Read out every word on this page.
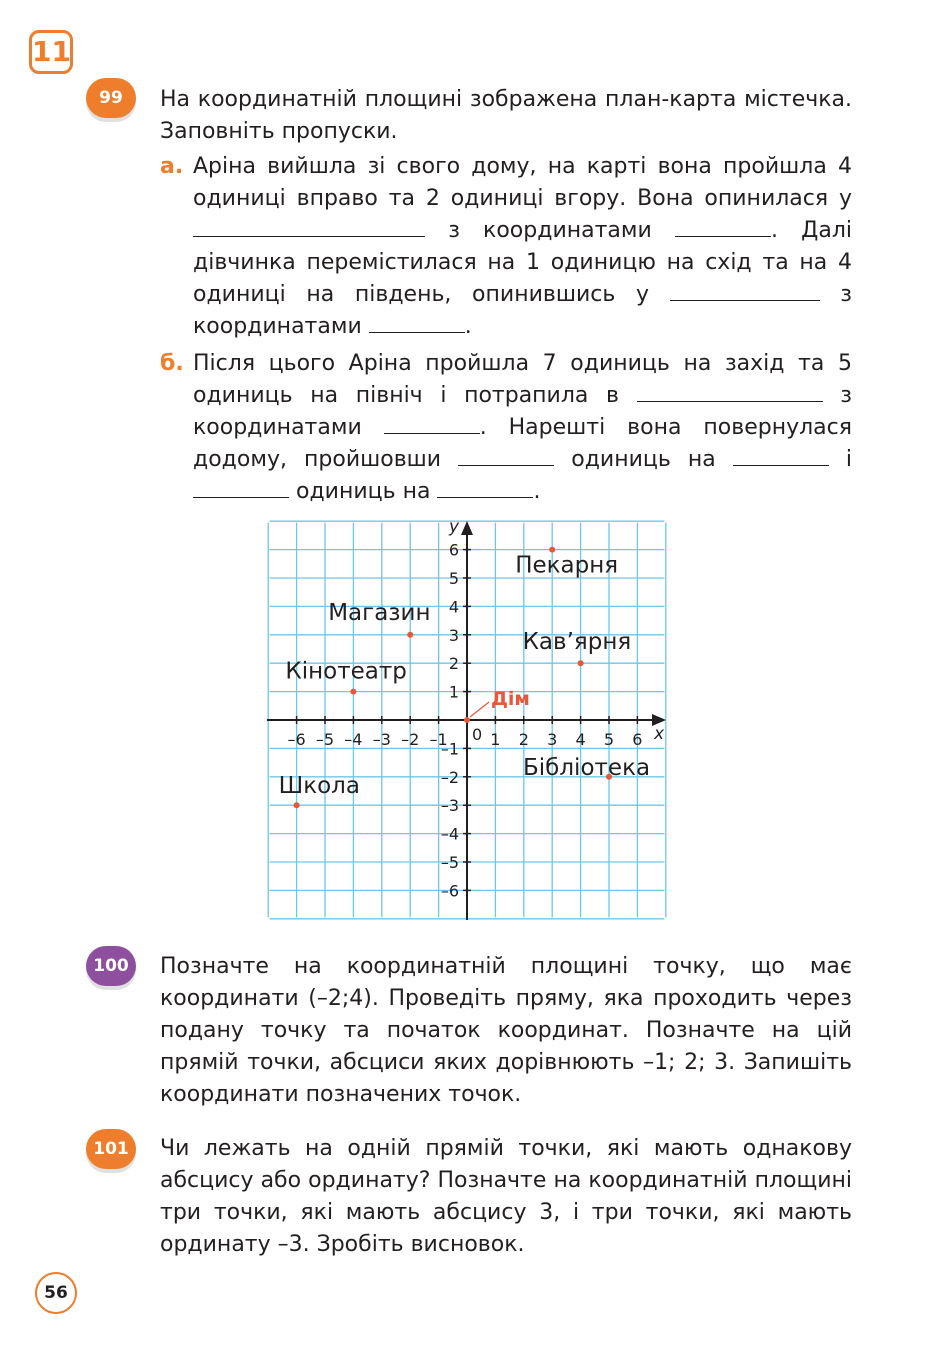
11
99	На координатній площині зображена план-карта містечка. Заповніть пропуски.

а. Аріна вийшла зі свого дому, на карті вона пройшла 4 одиниці вправо та 2 одиниці вгору. Вона опинилася у  з координатами	. Далі дівчинка перемістилася на 1 одиницю на схід та на 4 одиниці на південь, опинившись у	з координатами	.

б. Після цього Аріна пройшла 7 одиниць на захід та 5 одиниць на північ і потрапила в	з координатами	. Нарешті вона повернулася додому, пройшовши	одиниць на	і  одиниць на	.

x
y
0
–6 –5 –4 –3 –2 –1	1 2 3 4 5 6
6
5
4
3
2
1
–1
–2
–3
–4
–5
–6
Пекарня
Магазин
Кав’ярня
Кінотеатр
Дім
Школа
Бібліотека
100	Позначте на координатній площині точку, що має координати (–2;4). Проведіть пряму, яка проходить через подану точку та початок координат. Позначте на цій прямій точки, абсциси яких дорівнюють –1; 2; 3. Запишіть координати позначених точок.

101	Чи лежать на одній прямій точки, які мають однакову абсцису або ординату? Позначте на координатній площині три точки, які мають абсцису 3, і три точки, які мають ординату –3. Зробіть висновок.

56
